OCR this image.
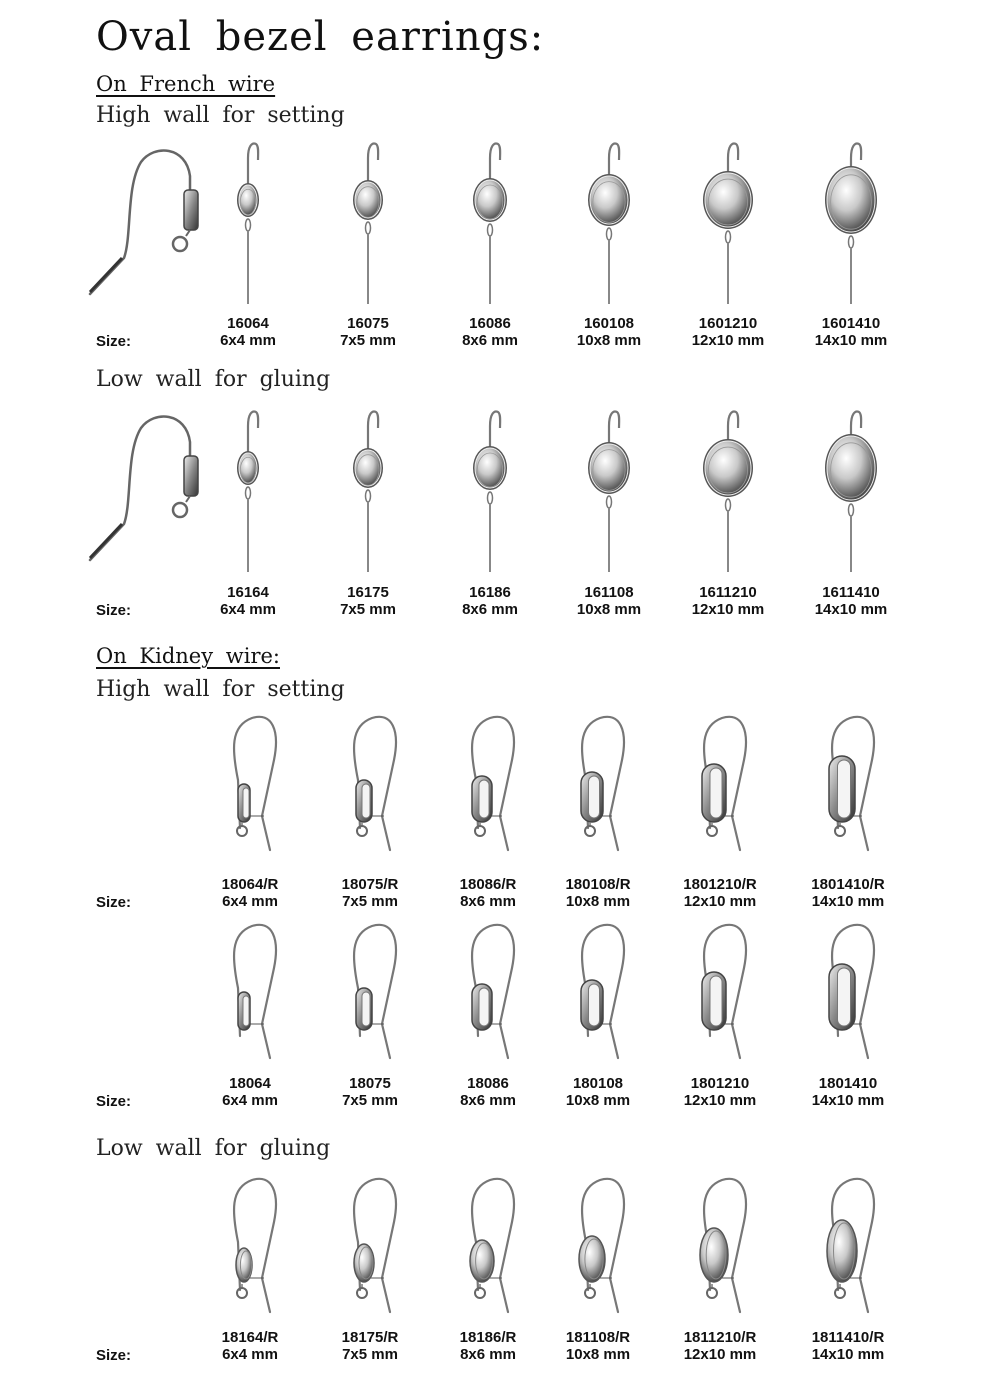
Oval bezel earrings:
On French wire
High wall for setting
16064
6x4 mm
16075
7x5 mm
16086
8x6 mm
160108
10x8 mm
1601210
12x10 mm
1601410
14x10 mm
Size:
Low wall for gluing
16164
6x4 mm
16175
7x5 mm
16186
8x6 mm
161108
10x8 mm
1611210
12x10 mm
1611410
14x10 mm
Size:
On Kidney wire:
High wall for setting
18064/R
6x4 mm
18075/R
7x5 mm
18086/R
8x6 mm
180108/R
10x8 mm
1801210/R
12x10 mm
1801410/R
14x10 mm
Size:
18064
6x4 mm
18075
7x5 mm
18086
8x6 mm
180108
10x8 mm
1801210
12x10 mm
1801410
14x10 mm
Size:
Low wall for gluing
18164/R
6x4 mm
18175/R
7x5 mm
18186/R
8x6 mm
181108/R
10x8 mm
1811210/R
12x10 mm
1811410/R
14x10 mm
Size:
